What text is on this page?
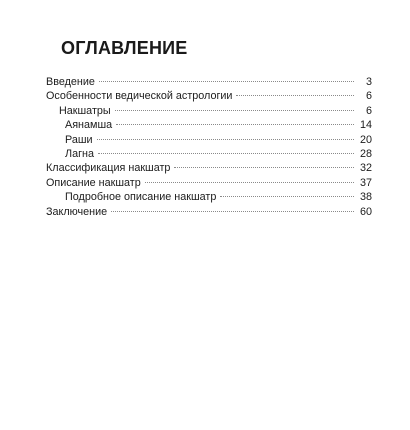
ОГЛАВЛЕНИЕ
Введение	3
Особенности ведической астрологии	6
Накшатры	6
Аянамша	14
Раши	20
Лагна	28
Классификация накшатр	32
Описание накшатр	37
Подробное описание накшатр	38
Заключение	60
